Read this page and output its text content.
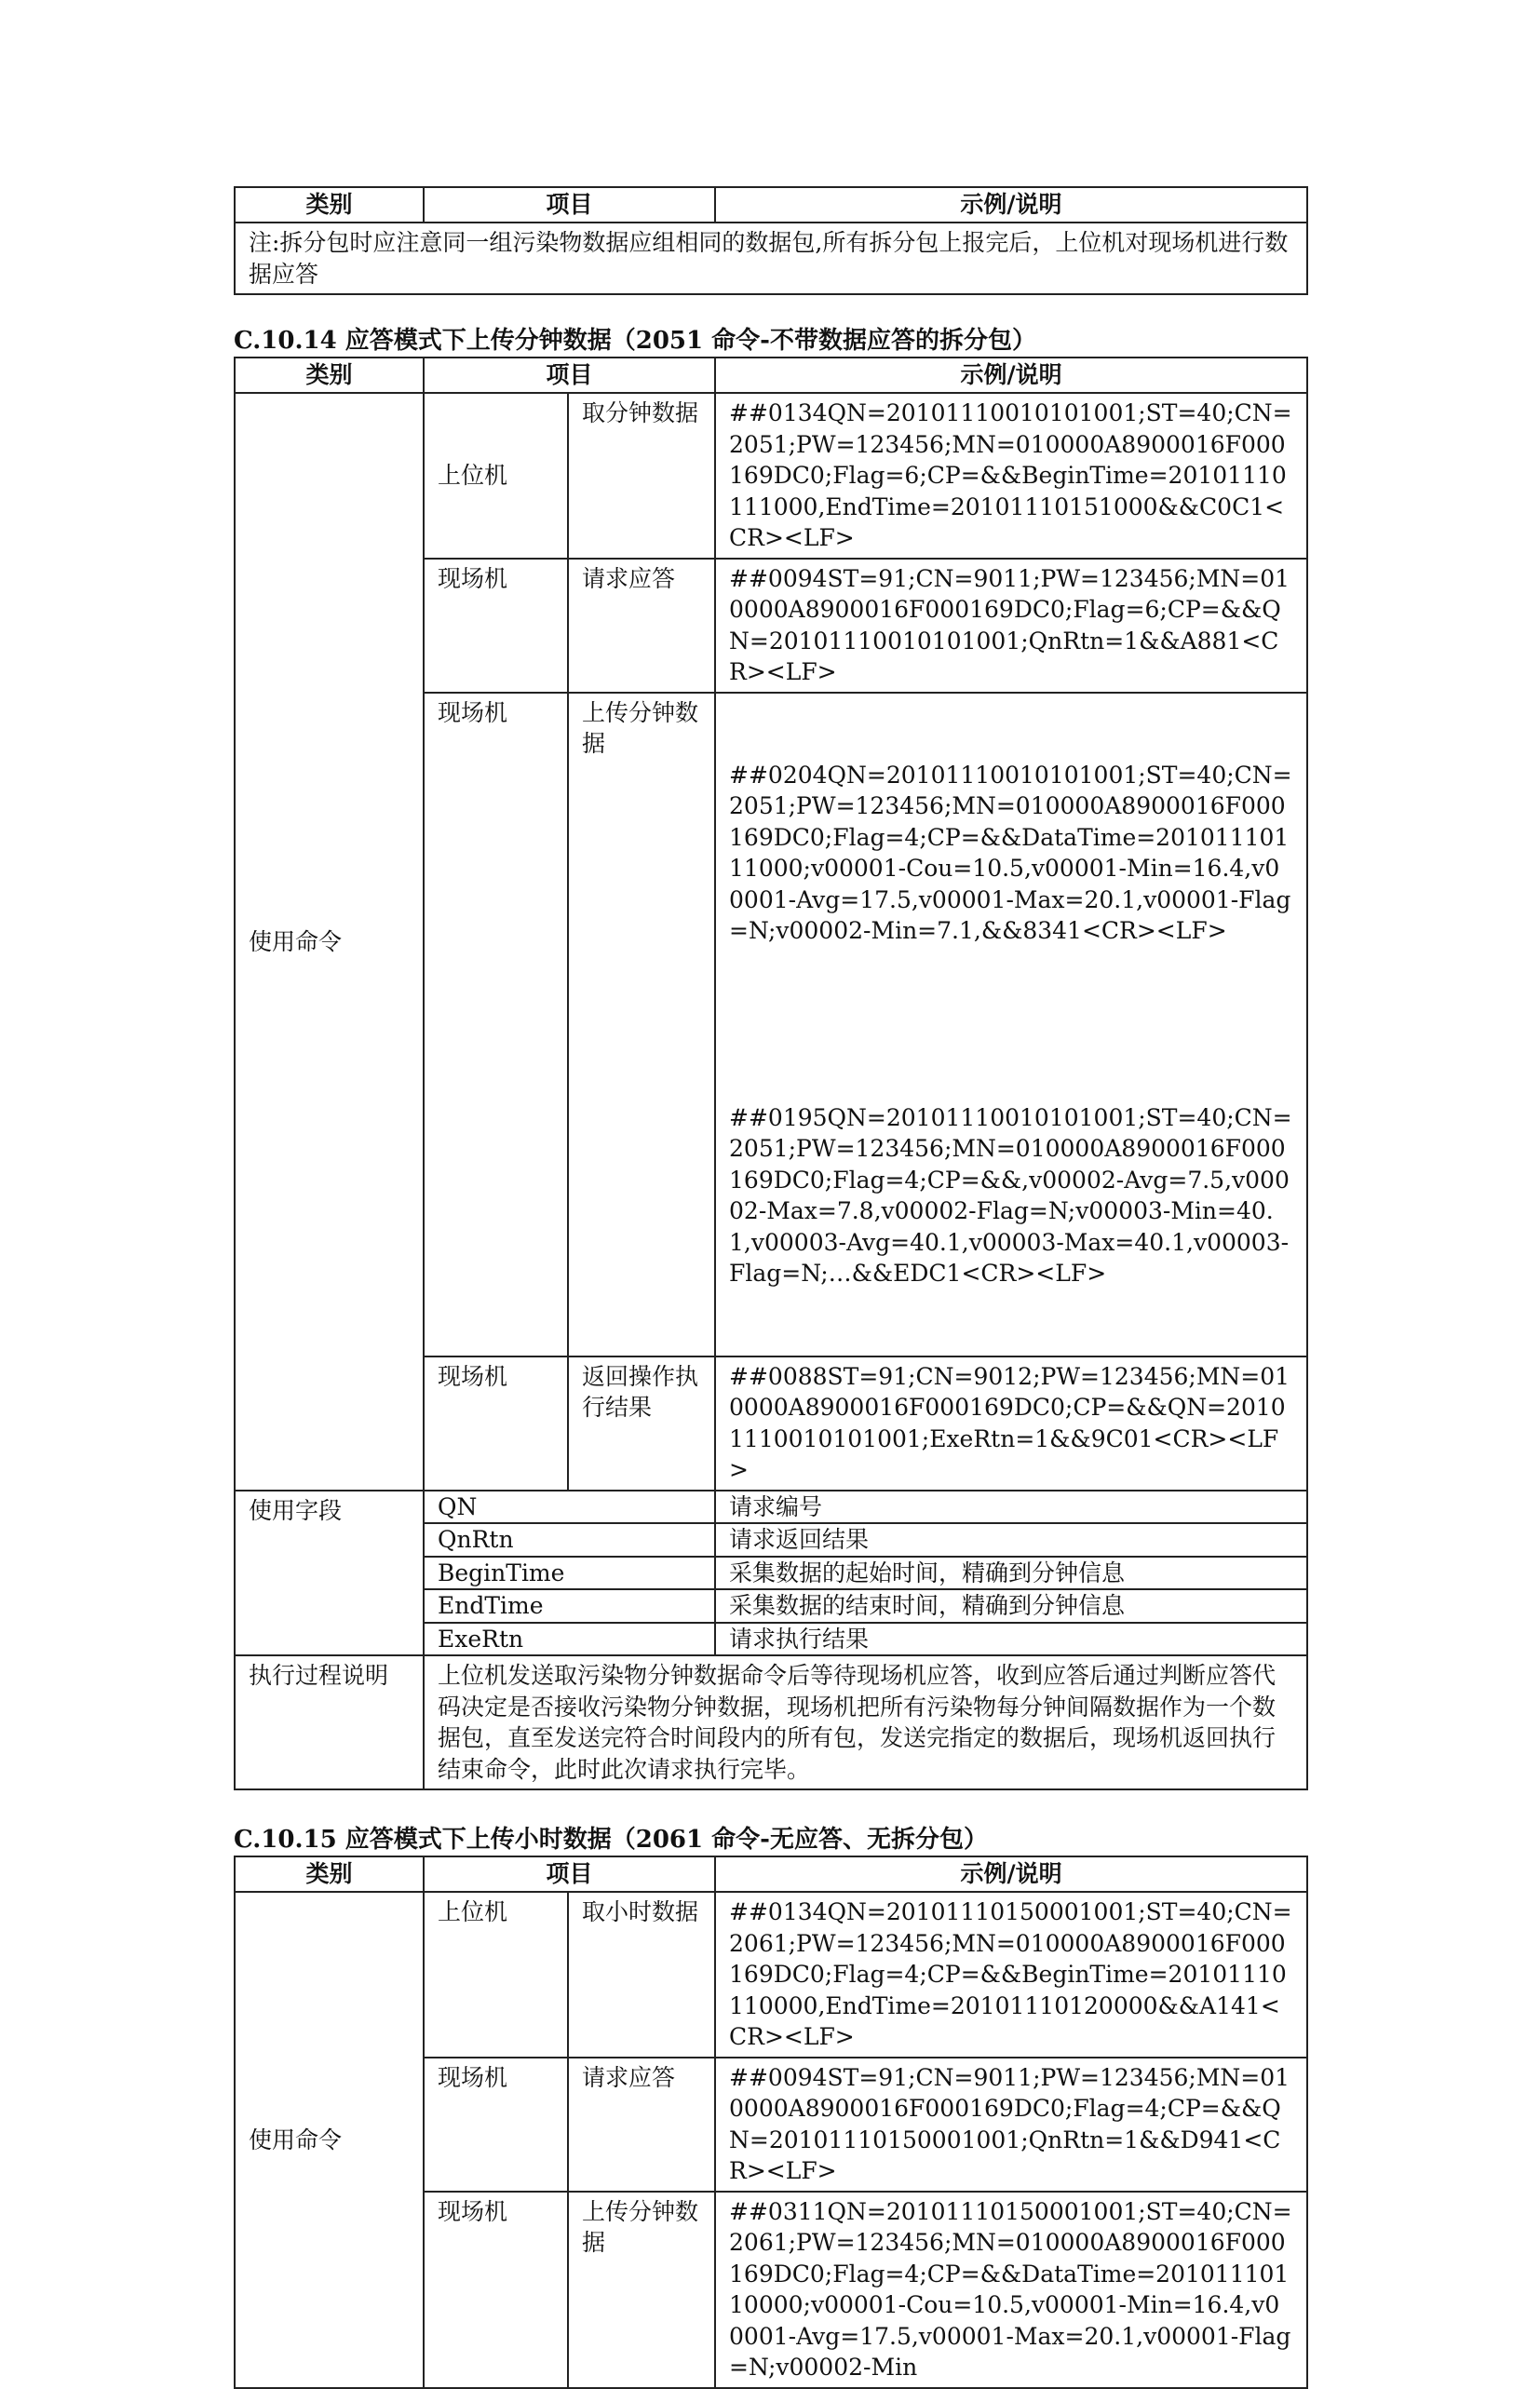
类别	项目	示例/说明
注:拆分包时应注意同一组污染物数据应组相同的数据包,所有拆分包上报完后，上位机对现场机进行数据应答

C.10.14 应答模式下上传分钟数据（2051 命令-不带数据应答的拆分包）

类别	项目		示例/说明
使用命令	上位机	取分钟数据	##0134QN=20101110010101001;ST=40;CN=2051;PW=123456;MN=010000A8900016F000169DC0;Flag=6;CP=&&BeginTime=20101110111000,EndTime=20101110151000&&C0C1<CR><LF>
	现场机	请求应答	##0094ST=91;CN=9011;PW=123456;MN=010000A8900016F000169DC0;Flag=6;CP=&&QN=20101110010101001;QnRtn=1&&A881<CR><LF>
	现场机	上传分钟数据	##0204QN=20101110010101001;ST=40;CN=2051;PW=123456;MN=010000A8900016F000169DC0;Flag=4;CP=&&DataTime=20101110111000;v00001-Cou=10.5,v00001-Min=16.4,v00001-Avg=17.5,v00001-Max=20.1,v00001-Flag=N;v00002-Min=7.1,&&8341<CR><LF>

##0195QN=20101110010101001;ST=40;CN=2051;PW=123456;MN=010000A8900016F000169DC0;Flag=4;CP=&&,v00002-Avg=7.5,v00002-Max=7.8,v00002-Flag=N;v00003-Min=40.1,v00003-Avg=40.1,v00003-Max=40.1,v00003-Flag=N;…&&EDC1<CR><LF>

	现场机	返回操作执行结果	##0088ST=91;CN=9012;PW=123456;MN=010000A8900016F000169DC0;CP=&&QN=20101110010101001;ExeRtn=1&&9C01<CR><LF>
使用字段	QN		请求编号
	QnRtn		请求返回结果
	BeginTime		采集数据的起始时间，精确到分钟信息
	EndTime		采集数据的结束时间，精确到分钟信息
	ExeRtn		请求执行结果
执行过程说明	上位机发送取污染物分钟数据命令后等待现场机应答，收到应答后通过判断应答代码决定是否接收污染物分钟数据，现场机把所有污染物每分钟间隔数据作为一个数据包，直至发送完符合时间段内的所有包，发送完指定的数据后，现场机返回执行结束命令，此时此次请求执行完毕。		

C.10.15 应答模式下上传小时数据（2061 命令-无应答、无拆分包）

类别	项目		示例/说明
使用命令	上位机	取小时数据	##0134QN=20101110150001001;ST=40;CN=2061;PW=123456;MN=010000A8900016F000169DC0;Flag=4;CP=&&BeginTime=20101110110000,EndTime=20101110120000&&A141<CR><LF>
	现场机	请求应答	##0094ST=91;CN=9011;PW=123456;MN=010000A8900016F000169DC0;Flag=4;CP=&&QN=20101110150001001;QnRtn=1&&D941<CR><LF>
	现场机	上传分钟数据	##0311QN=20101110150001001;ST=40;CN=2061;PW=123456;MN=010000A8900016F000169DC0;Flag=4;CP=&&DataTime=20101110110000;v00001-Cou=10.5,v00001-Min=16.4,v00001-Avg=17.5,v00001-Max=20.1,v00001-Flag=N;v00002-Min
